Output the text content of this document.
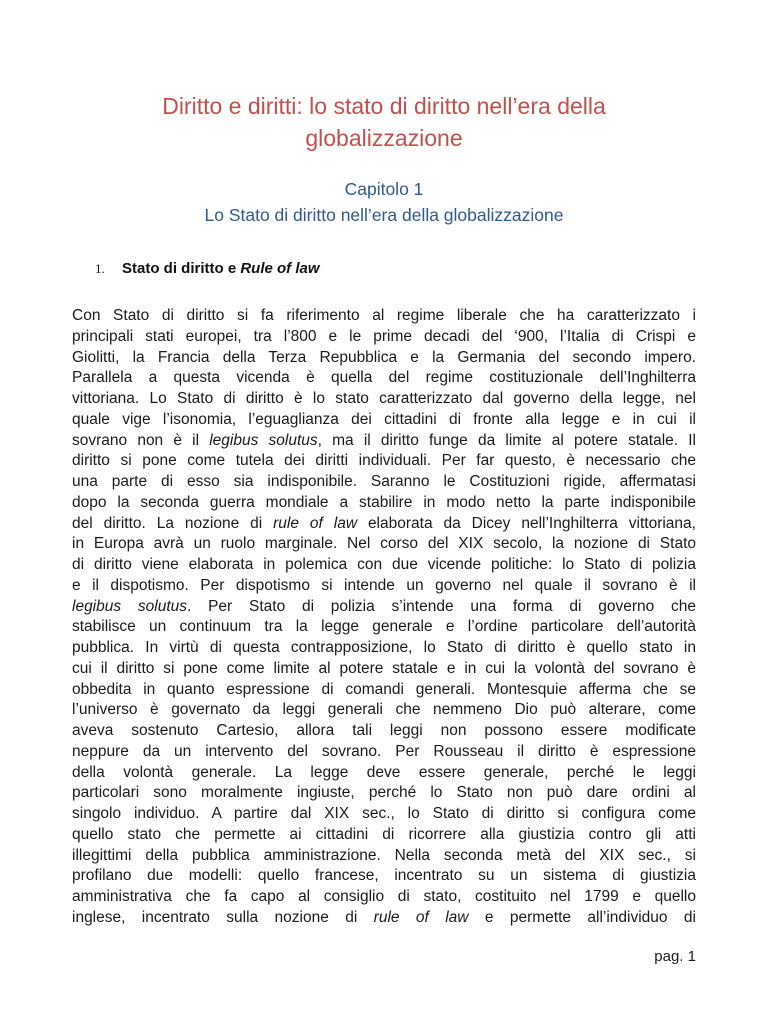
Diritto e diritti: lo stato di diritto nell’era della
globalizzazione
Capitolo 1
Lo Stato di diritto nell’era della globalizzazione
1. Stato di diritto e Rule of law
Con Stato di diritto si fa riferimento al regime liberale che ha caratterizzato i
principali stati europei, tra l’800 e le prime decadi del ‘900, l’Italia di Crispi e
Giolitti, la Francia della Terza Repubblica e la Germania del secondo impero.
Parallela a questa vicenda è quella del regime costituzionale dell’Inghilterra
vittoriana. Lo Stato di diritto è lo stato caratterizzato dal governo della legge, nel
quale vige l’isonomia, l’eguaglianza dei cittadini di fronte alla legge e in cui il
sovrano non è il legibus solutus, ma il diritto funge da limite al potere statale. Il
diritto si pone come tutela dei diritti individuali. Per far questo, è necessario che
una parte di esso sia indisponibile. Saranno le Costituzioni rigide, affermatasi
dopo la seconda guerra mondiale a stabilire in modo netto la parte indisponibile
del diritto. La nozione di rule of law elaborata da Dicey nell’Inghilterra vittoriana,
in Europa avrà un ruolo marginale. Nel corso del XIX secolo, la nozione di Stato
di diritto viene elaborata in polemica con due vicende politiche: lo Stato di polizia
e il dispotismo. Per dispotismo si intende un governo nel quale il sovrano è il
legibus solutus. Per Stato di polizia s’intende una forma di governo che
stabilisce un continuum tra la legge generale e l’ordine particolare dell’autorità
pubblica. In virtù di questa contrapposizione, lo Stato di diritto è quello stato in
cui il diritto si pone come limite al potere statale e in cui la volontà del sovrano è
obbedita in quanto espressione di comandi generali. Montesquie afferma che se
l’universo è governato da leggi generali che nemmeno Dio può alterare, come
aveva sostenuto Cartesio, allora tali leggi non possono essere modificate
neppure da un intervento del sovrano. Per Rousseau il diritto è espressione
della volontà generale. La legge deve essere generale, perché le leggi
particolari sono moralmente ingiuste, perché lo Stato non può dare ordini al
singolo individuo. A partire dal XIX sec., lo Stato di diritto si configura come
quello stato che permette ai cittadini di ricorrere alla giustizia contro gli atti
illegittimi della pubblica amministrazione. Nella seconda metà del XIX sec., si
profilano due modelli: quello francese, incentrato su un sistema di giustizia
amministrativa che fa capo al consiglio di stato, costituito nel 1799 e quello
inglese, incentrato sulla nozione di rule of law e permette all’individuo di
pag. 1
